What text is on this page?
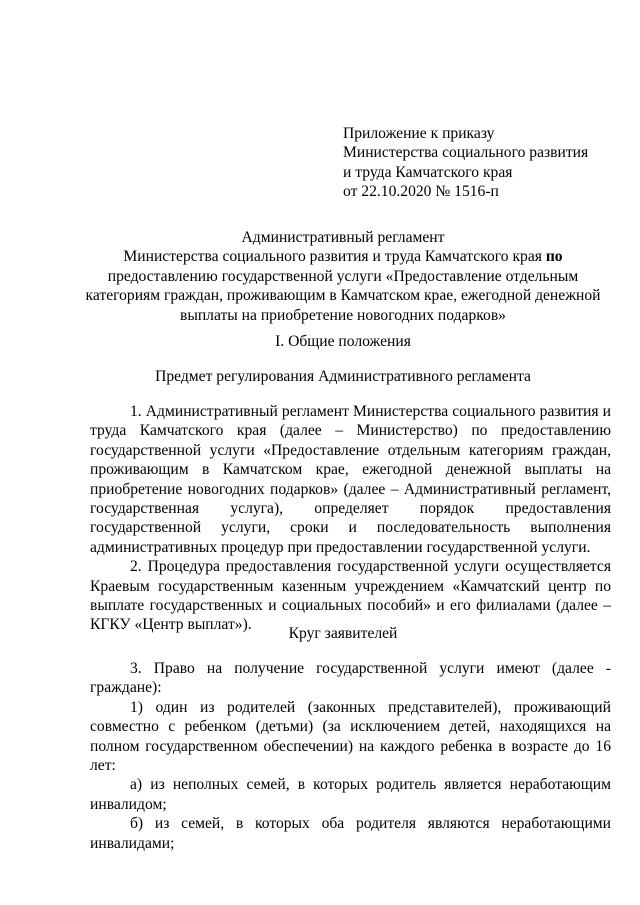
Приложение к приказу
Министерства социального развития
и труда Камчатского края
от 22.10.2020 № 1516-п
Административный регламент
Министерства социального развития и труда Камчатского края по
предоставлению государственной услуги «Предоставление отдельным
категориям граждан, проживающим в Камчатском крае, ежегодной денежной
выплаты на приобретение новогодних подарков»
I. Общие положения
Предмет регулирования Административного регламента

1. Административный регламент Министерства социального развития и труда Камчатского края (далее – Министерство) по предоставлению государственной услуги «Предоставление отдельным категориям граждан, проживающим в Камчатском крае, ежегодной денежной выплаты на приобретение новогодних подарков» (далее – Административный регламент, государственная услуга), определяет порядок предоставления государственной услуги, сроки и последовательность выполнения административных процедур при предоставлении государственной услуги.

2. Процедура предоставления государственной услуги осуществляется Краевым государственным казенным учреждением «Камчатский центр по выплате государственных и социальных пособий» и его филиалами (далее – КГКУ «Центр выплат»).

Круг заявителей

3. Право на получение государственной услуги имеют (далее - граждане):

1) один из родителей (законных представителей), проживающий совместно с ребенком (детьми) (за исключением детей, находящихся на полном государственном обеспечении) на каждого ребенка в возрасте до 16 лет:

а) из неполных семей, в которых родитель является неработающим инвалидом;

б) из семей, в которых оба родителя являются неработающими инвалидами;
